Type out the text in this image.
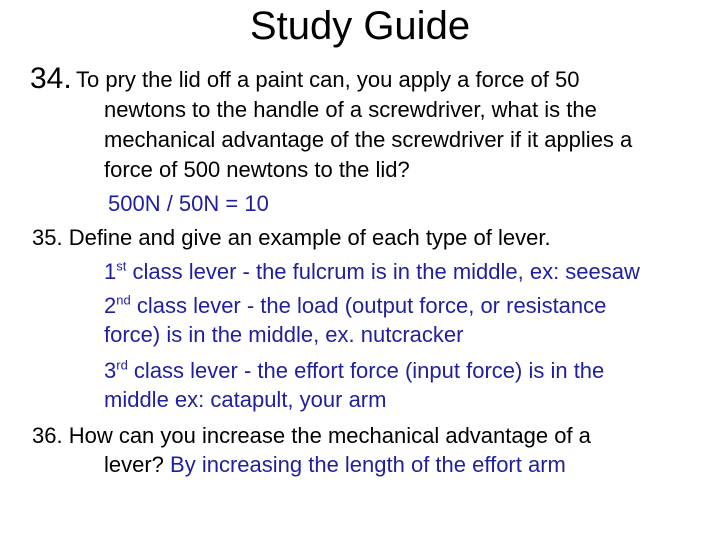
Study Guide
34. To pry the lid off a paint can, you apply a force of 50
newtons to the handle of a screwdriver, what is the
mechanical advantage of the screwdriver if it applies a
force of 500 newtons to the lid?
500N / 50N = 10
35. Define and give an example of each type of lever.
1st class lever - the fulcrum is in the middle, ex: seesaw
2nd class lever - the load (output force, or resistance
force) is in the middle, ex. nutcracker
3rd class lever - the effort force (input force) is in the
middle ex: catapult, your arm
36. How can you increase the mechanical advantage of a
lever? By increasing the length of the effort arm
